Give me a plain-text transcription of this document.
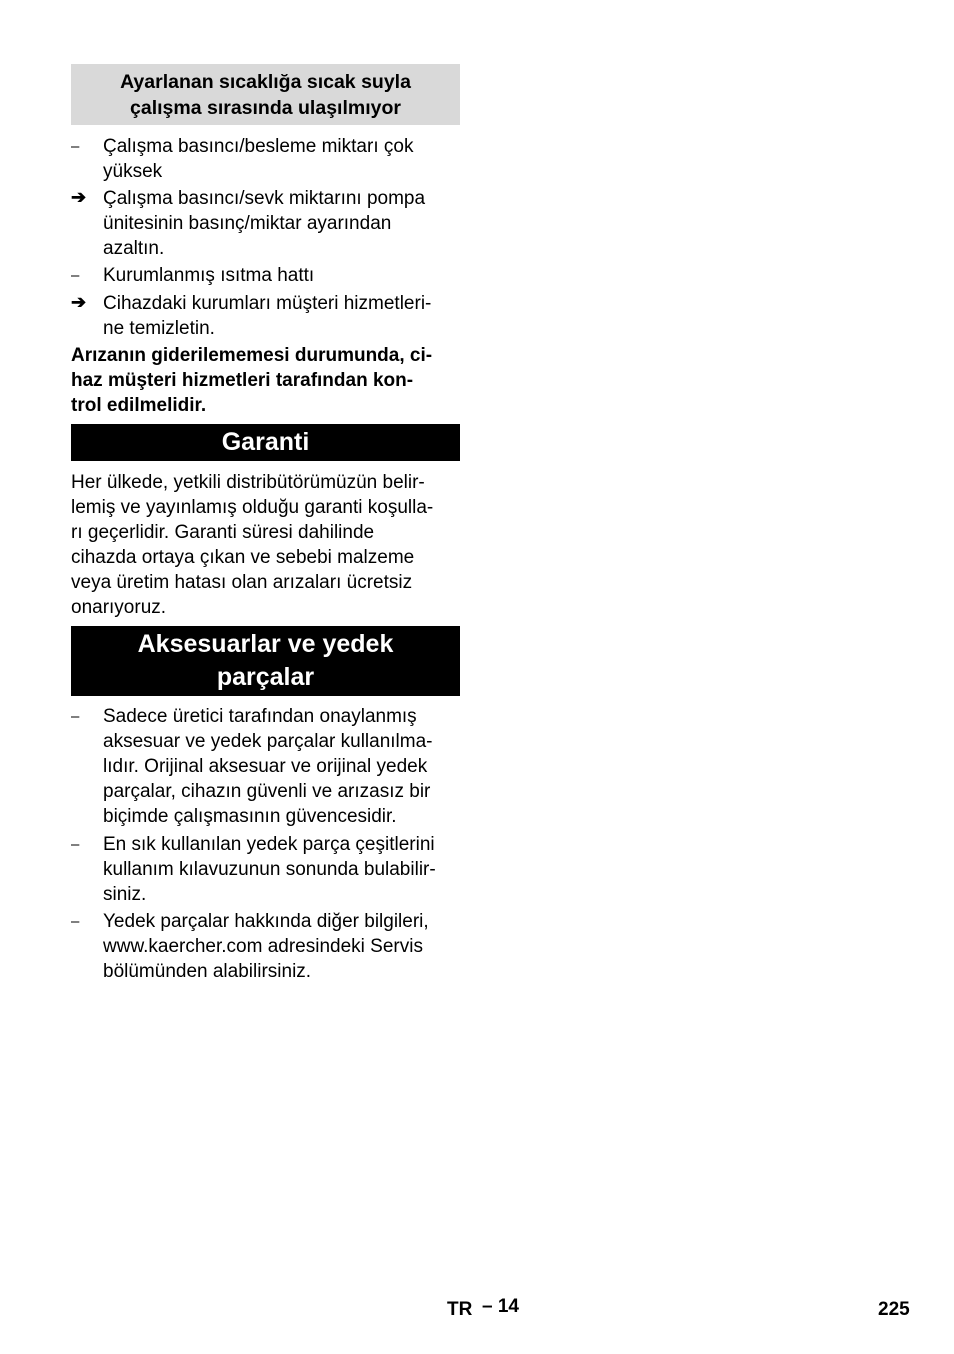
Ayarlanan sıcaklığa sıcak suyla
çalışma sırasında ulaşılmıyor
–	Çalışma basıncı/besleme miktarı çok
yüksek
➔ Çalışma basıncı/sevk miktarını pompa
ünitesinin basınç/miktar ayarından
azaltın.
–	Kurumlanmış ısıtma hattı
➔ Cihazdaki kurumları müşteri hizmetleri-
ne temizletin.
Arızanın giderilememesi durumunda, ci-
haz müşteri hizmetleri tarafından kon-
trol edilmelidir.
Garanti
Her ülkede, yetkili distribütörümüzün belir-
lemiş ve yayınlamış olduğu garanti koşulla-
rı geçerlidir. Garanti süresi dahilinde
cihazda ortaya çıkan ve sebebi malzeme
veya üretim hatası olan arızaları ücretsiz
onarıyoruz.
Aksesuarlar ve yedek
parçalar
–	Sadece üretici tarafından onaylanmış
aksesuar ve yedek parçalar kullanılma-
lıdır. Orijinal aksesuar ve orijinal yedek
parçalar, cihazın güvenli ve arızasız bir
biçimde çalışmasının güvencesidir.
–	En sık kullanılan yedek parça çeşitlerini
kullanım kılavuzunun sonunda bulabilir-
siniz.
–	Yedek parçalar hakkında diğer bilgileri,
www.kaercher.com adresindeki Servis
bölümünden alabilirsiniz.
TR – 14	225
